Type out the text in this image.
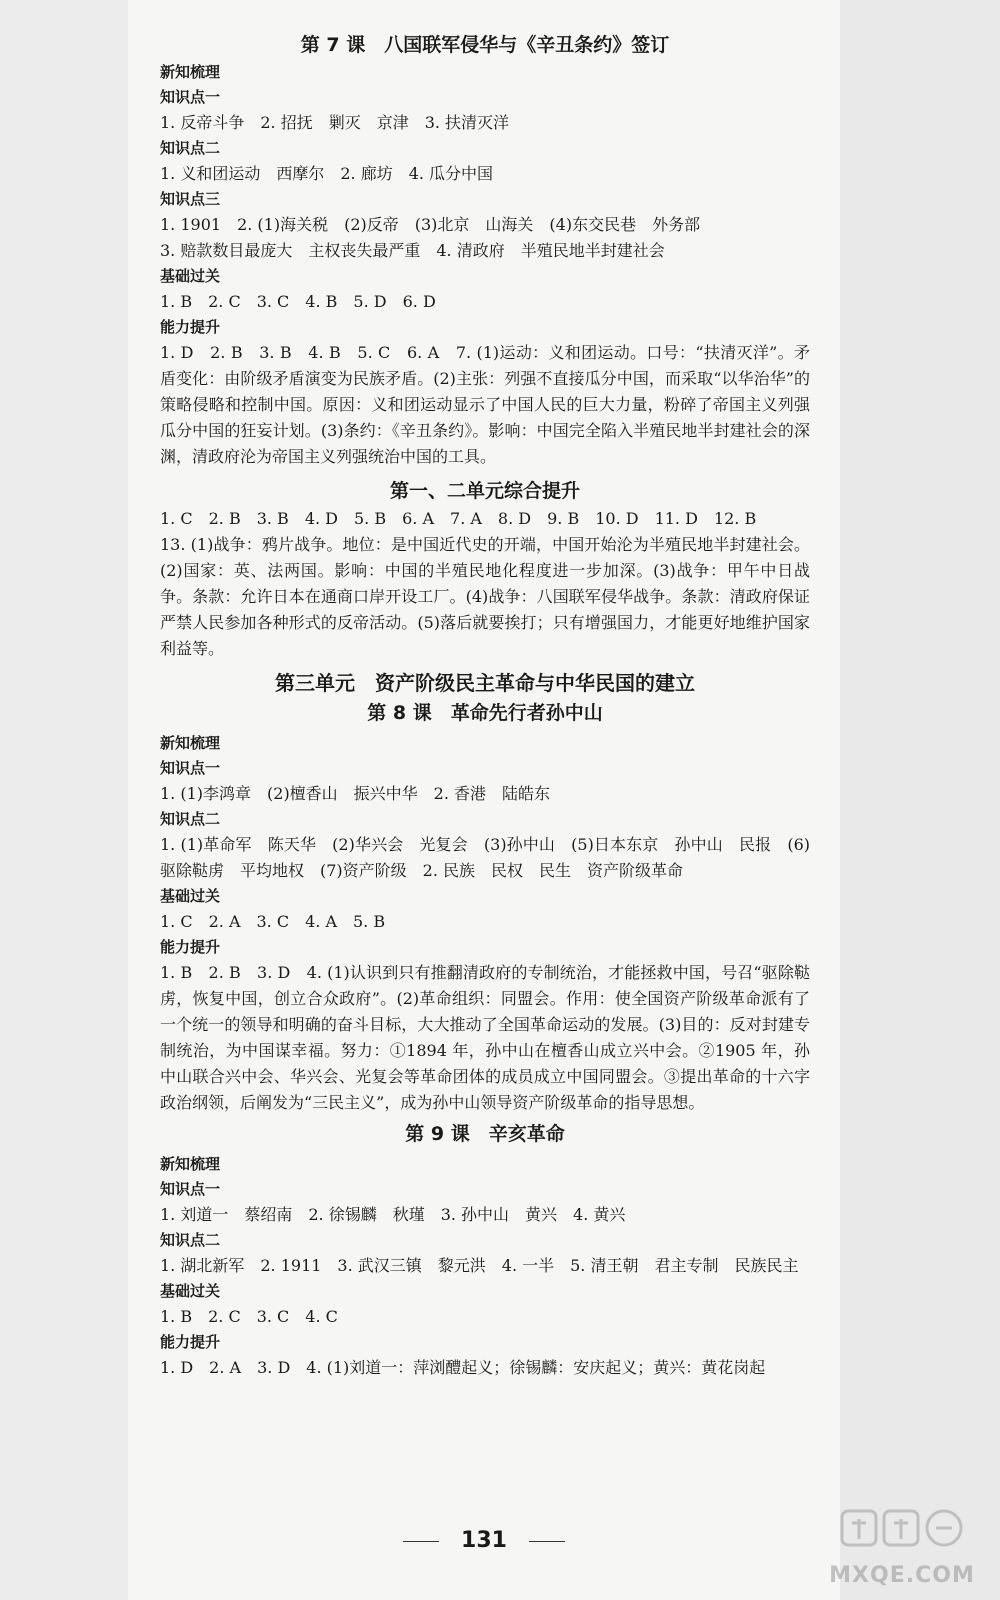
第 7 课　八国联军侵华与《辛丑条约》签订

新知梳理

知识点一

1. 反帝斗争　2. 招抚　剿灭　京津　3. 扶清灭洋

知识点二

1. 义和团运动　西摩尔　2. 廊坊　4. 瓜分中国

知识点三

1. 1901　2. (1)海关税　(2)反帝　(3)北京　山海关　(4)东交民巷　外务部

3. 赔款数目最庞大　主权丧失最严重　4. 清政府　半殖民地半封建社会

基础过关

1. B　2. C　3. C　4. B　5. D　6. D

能力提升

1. D　2. B　3. B　4. B　5. C　6. A　7. (1)运动：义和团运动。口号：“扶清灭洋”。矛盾变化：由阶级矛盾演变为民族矛盾。(2)主张：列强不直接瓜分中国，而采取“以华治华”的策略侵略和控制中国。原因：义和团运动显示了中国人民的巨大力量，粉碎了帝国主义列强瓜分中国的狂妄计划。(3)条约：《辛丑条约》。影响：中国完全陷入半殖民地半封建社会的深渊，清政府沦为帝国主义列强统治中国的工具。

第一、二单元综合提升

1. C　2. B　3. B　4. D　5. B　6. A　7. A　8. D　9. B　10. D　11. D　12. B

13. (1)战争：鸦片战争。地位：是中国近代史的开端，中国开始沦为半殖民地半封建社会。(2)国家：英、法两国。影响：中国的半殖民地化程度进一步加深。(3)战争：甲午中日战争。条款：允许日本在通商口岸开设工厂。(4)战争：八国联军侵华战争。条款：清政府保证严禁人民参加各种形式的反帝活动。(5)落后就要挨打；只有增强国力，才能更好地维护国家利益等。

第三单元　资产阶级民主革命与中华民国的建立
第 8 课　革命先行者孙中山

新知梳理

知识点一

1. (1)李鸿章　(2)檀香山　振兴中华　2. 香港　陆皓东

知识点二

1. (1)革命军　陈天华　(2)华兴会　光复会　(3)孙中山　(5)日本东京　孙中山　民报　(6)驱除鞑虏　平均地权　(7)资产阶级　2. 民族　民权　民生　资产阶级革命

基础过关

1. C　2. A　3. C　4. A　5. B

能力提升

1. B　2. B　3. D　4. (1)认识到只有推翻清政府的专制统治，才能拯救中国，号召“驱除鞑虏，恢复中国，创立合众政府”。(2)革命组织：同盟会。作用：使全国资产阶级革命派有了一个统一的领导和明确的奋斗目标，大大推动了全国革命运动的发展。(3)目的：反对封建专制统治，为中国谋幸福。努力：①1894 年，孙中山在檀香山成立兴中会。②1905 年，孙中山联合兴中会、华兴会、光复会等革命团体的成员成立中国同盟会。③提出革命的十六字政治纲领，后阐发为“三民主义”，成为孙中山领导资产阶级革命的指导思想。

第 9 课　辛亥革命

新知梳理

知识点一

1. 刘道一　蔡绍南　2. 徐锡麟　秋瑾　3. 孙中山　黄兴　4. 黄兴

知识点二

1. 湖北新军　2. 1911　3. 武汉三镇　黎元洪　4. 一半　5. 清王朝　君主专制　民族民主

基础过关

1. B　2. C　3. C　4. C

能力提升

1. D　2. A　3. D　4. (1)刘道一：萍浏醴起义；徐锡麟：安庆起义；黄兴：黄花岗起

131
MXQE.COM
